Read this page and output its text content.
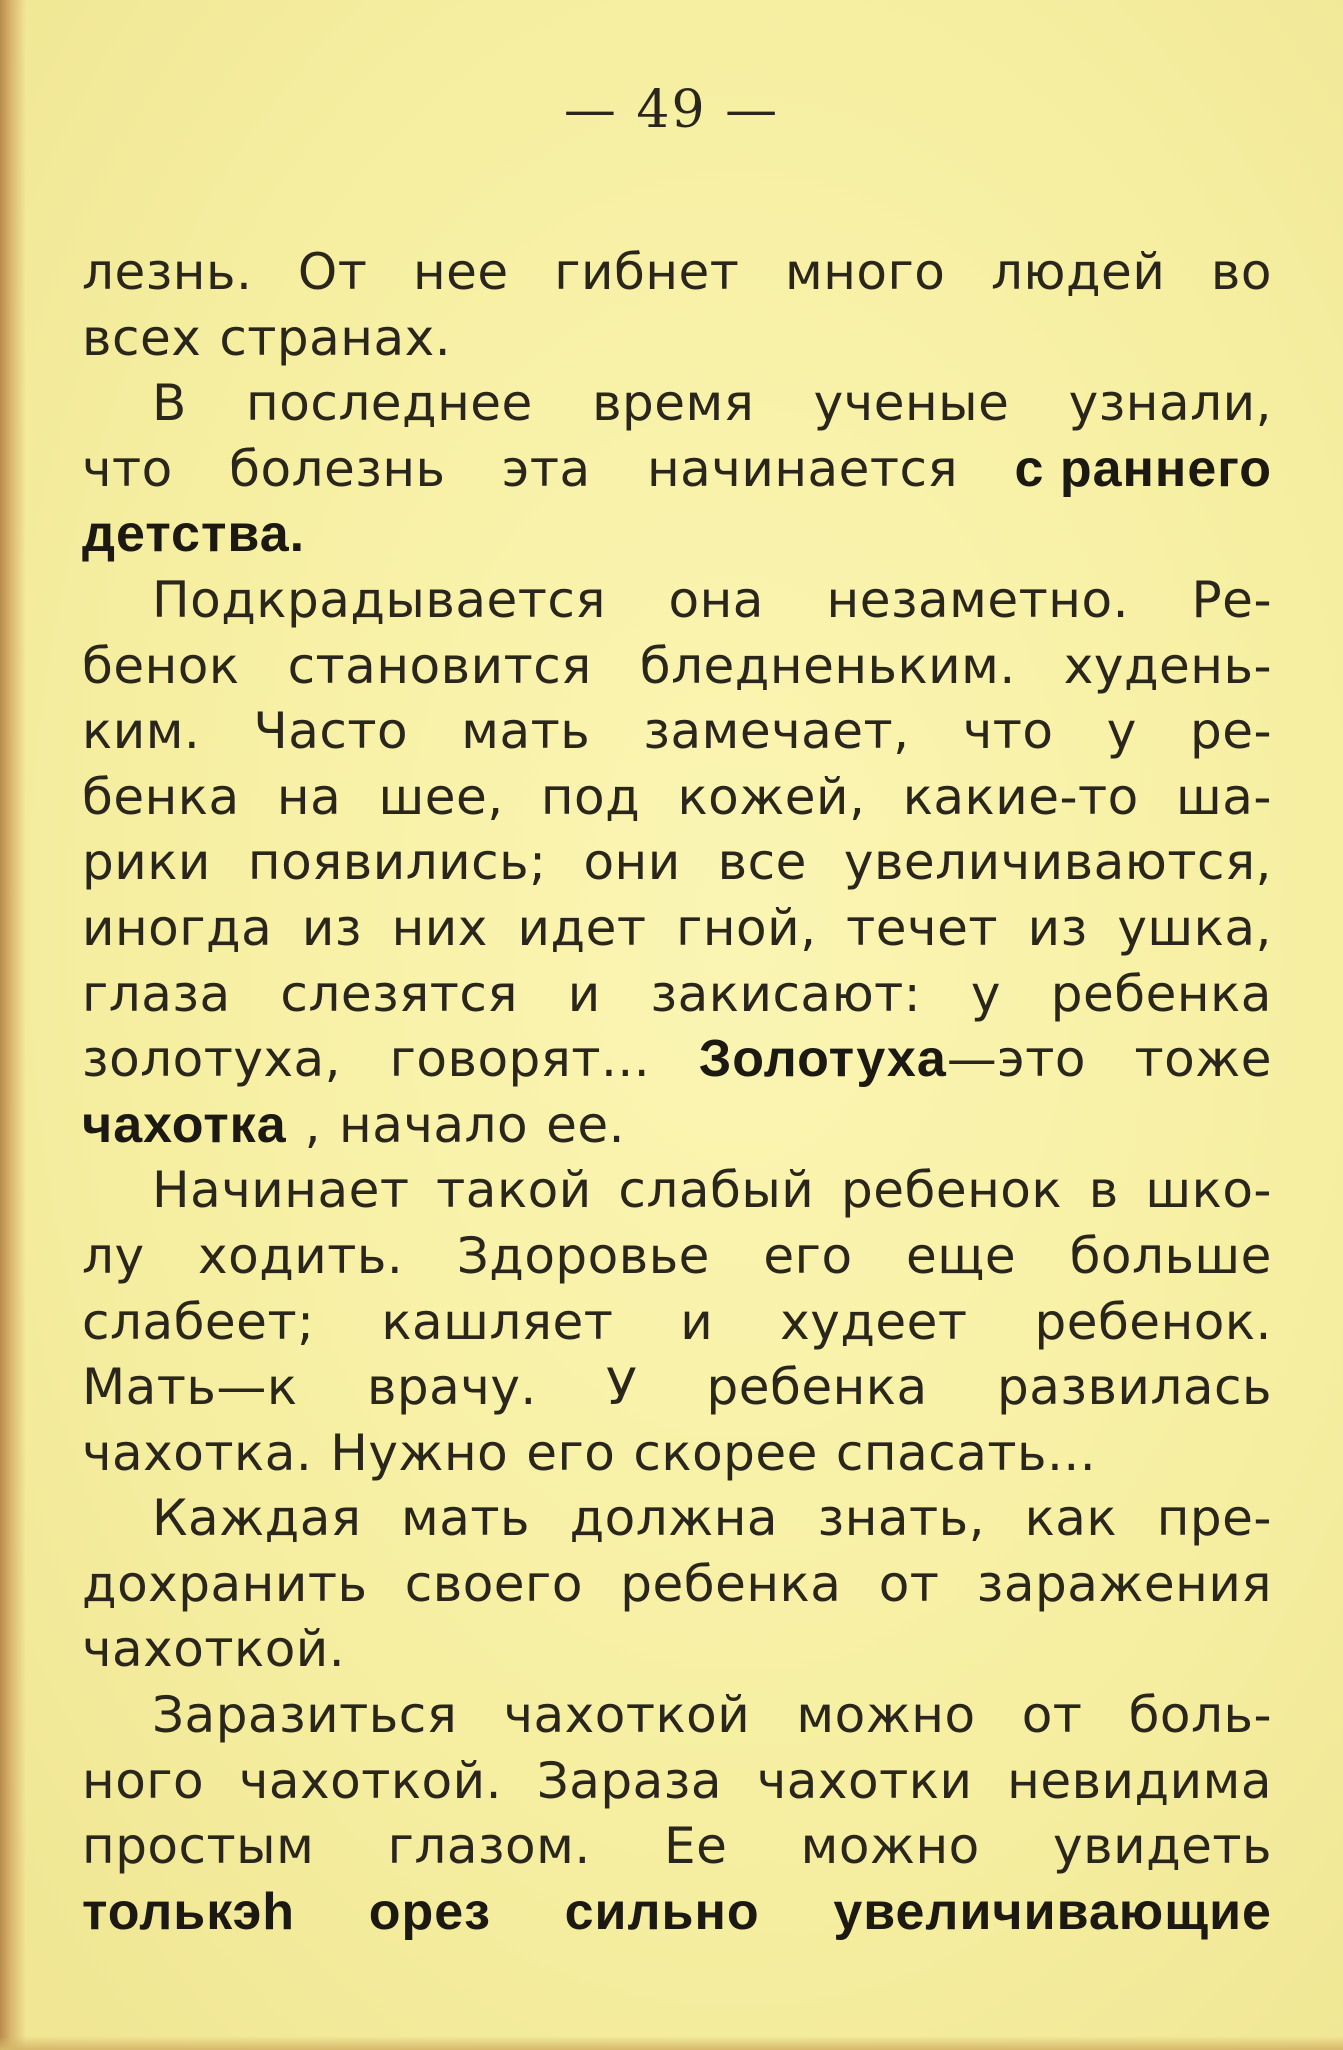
— 49 —
лезнь. От нее гибнет много людей во
всех странах.
В последнее время ученые узнали,
что болезнь эта начинается с раннего
детства.
Подкрадывается она незаметно. Ре-
бенок становится бледненьким. худень-
ким. Часто мать замечает, что у ре-
бенка на шее, под кожей, какие-то ша-
рики появились; они все увеличиваются,
иногда из них идет гной, течет из ушка,
глаза слезятся и закисают: у ребенка
золотуха, говорят... Золотуха—это тоже
чахотка , начало ее.
Начинает такой слабый ребенок в шко-
лу ходить. Здоровье его еще больше
слабеет; кашляет и худеет ребенок.
Мать—к врачу. У ребенка развилась
чахотка. Нужно его скорее спасать...
Каждая мать должна знать, как пре-
дохранить своего ребенка от заражения
чахоткой.
Заразиться чахоткой можно от боль-
ного чахоткой. Зараза чахотки невидима
простым глазом. Ее можно увидеть
толькэh орез сильно увеличивающие
